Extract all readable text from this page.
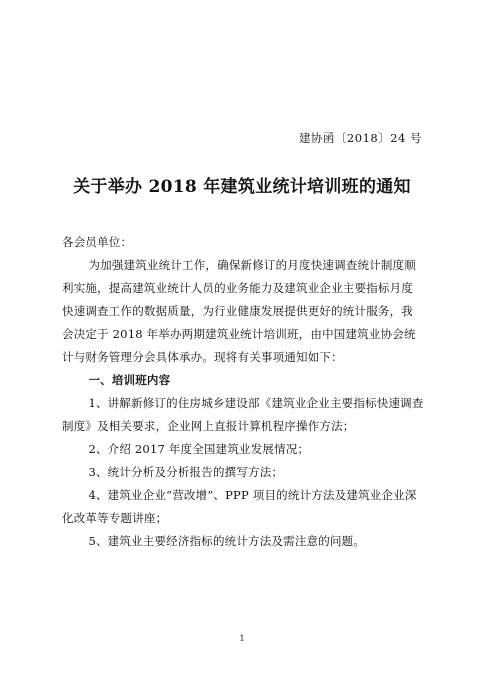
建协函〔2018〕24 号
关于举办 2018 年建筑业统计培训班的通知

各会员单位：

为加强建筑业统计工作，确保新修订的月度快速调查统计制度顺利实施，提高建筑业统计人员的业务能力及建筑业企业主要指标月度快速调查工作的数据质量，为行业健康发展提供更好的统计服务，我会决定于 2018 年举办两期建筑业统计培训班，由中国建筑业协会统计与财务管理分会具体承办。现将有关事项通知如下：

一、培训班内容

1、讲解新修订的住房城乡建设部《建筑业企业主要指标快速调查制度》及相关要求，企业网上直报计算机程序操作方法；

2、介绍 2017 年度全国建筑业发展情况；

3、统计分析及分析报告的撰写方法；

4、建筑业企业“营改增”、PPP 项目的统计方法及建筑业企业深化改革等专题讲座；

5、建筑业主要经济指标的统计方法及需注意的问题。

1
